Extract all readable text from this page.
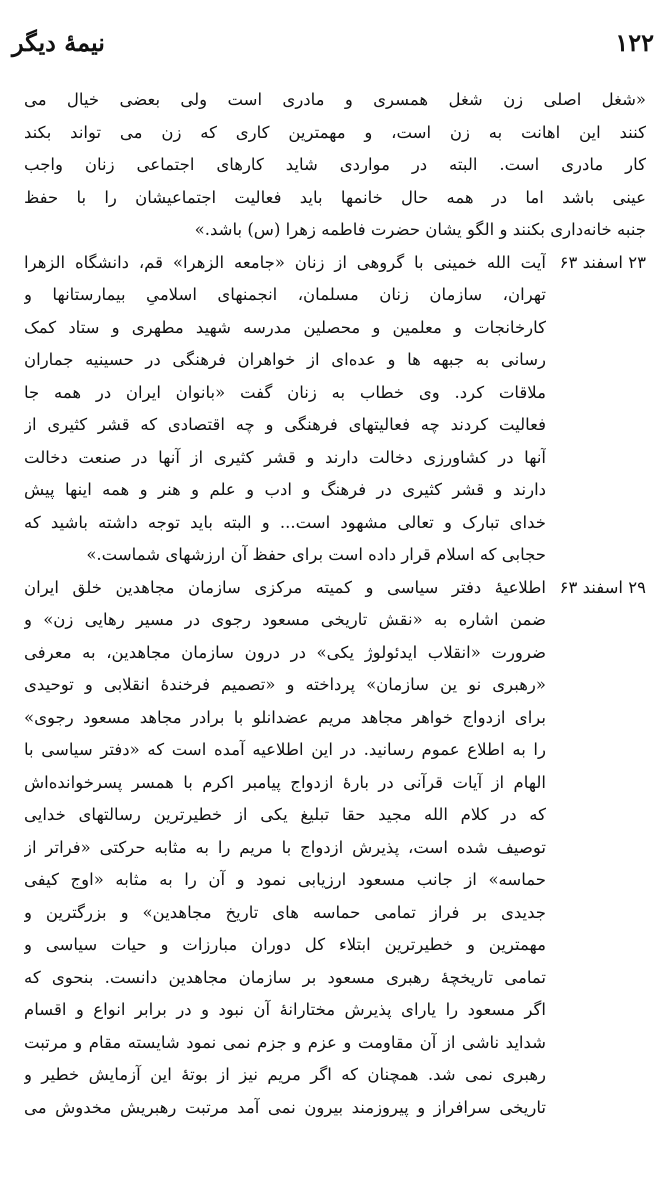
۱۲۲
نیمهٔ دیگر
«شغل اصلی زن شغل همسری و مادری است ولی بعضی خیال می
کنند این اهانت به زن است، و مهمترین کاری که زن می تواند بکند
کار مادری است. البته در مواردی شاید کارهای اجتماعی زنان واجب
عینی باشد اما در همه حال خانمها باید فعالیت اجتماعیشان را با حفظ
جنبه خانه‌داری بکنند و الگو یشان حضرت فاطمه زهرا (س) باشد.»
۲۳ اسفند ۶۳
آیت الله خمینی با گروهی از زنان «جامعه الزهرا» قم، دانشگاه الزهرا
تهران، سازمان زنان مسلمان، انجمنهای اسلامیِ بیمارستانها و
کارخانجات و معلمین و محصلین مدرسه شهید مطهری و ستاد کمک
رسانی به جبهه ها و عده‌ای از خواهران فرهنگی در حسینیه جماران
ملاقات کرد. وی خطاب به زنان گفت «بانوان ایران در همه جا
فعالیت کردند چه فعالیتهای فرهنگی و چه اقتصادی که قشر کثیری از
آنها در کشاورزی دخالت دارند و قشر کثیری از آنها در صنعت دخالت
دارند و قشر کثیری در فرهنگ و ادب و علم و هنر و همه اینها پیش
خدای تبارک و تعالی مشهود است... و البته باید توجه داشته باشید که
حجابی که اسلام قرار داده است برای حفظ آن ارزشهای شماست.»
۲۹ اسفند ۶۳
اطلاعیهٔ دفتر سیاسی و کمیته مرکزی سازمان مجاهدین خلق ایران
ضمن اشاره به «نقش تاریخی مسعود رجوی در مسیر رهایی زن» و
ضرورت «انقلاب ایدئولوژ یکی» در درون سازمان مجاهدین، به معرفی
«رهبری نو ین سازمان» پرداخته و «تصمیم فرخندهٔ انقلابی و توحیدی
برای ازدواج خواهر مجاهد مریم عضدانلو با برادر مجاهد مسعود رجوی»
را به اطلاع عموم رسانید. در این اطلاعیه آمده است که «دفتر سیاسی با
الهام از آیات قرآنی در بارهٔ ازدواج پیامبر اکرم با همسر پسرخوانده‌اش
که در کلام الله مجید حقا تبلیغ یکی از خطیرترین رسالتهای خدایی
توصیف شده است، پذیرش ازدواج با مریم را به مثابه حرکتی «فراتر از
حماسه» از جانب مسعود ارزیابی نمود و آن را به مثابه «اوج کیفی
جدیدی بر فراز تمامی حماسه های تاریخ مجاهدین» و بزرگترین و
مهمترین و خطیرترین ابتلاء کل دوران مبارزات و حیات سیاسی و
تمامی تاریخچهٔ رهبری مسعود بر سازمان مجاهدین دانست. بنحوی که
اگر مسعود را یارای پذیرش مختارانهٔ آن نبود و در برابر انواع و اقسام
شداید ناشی از آن مقاومت و عزم و جزم نمی نمود شایسته مقام و مرتبت
رهبری نمی شد. همچنان که اگر مریم نیز از بوتهٔ این آزمایش خطیر و
تاریخی سرافراز و پیروزمند بیرون نمی آمد مرتبت رهبریش مخدوش می
